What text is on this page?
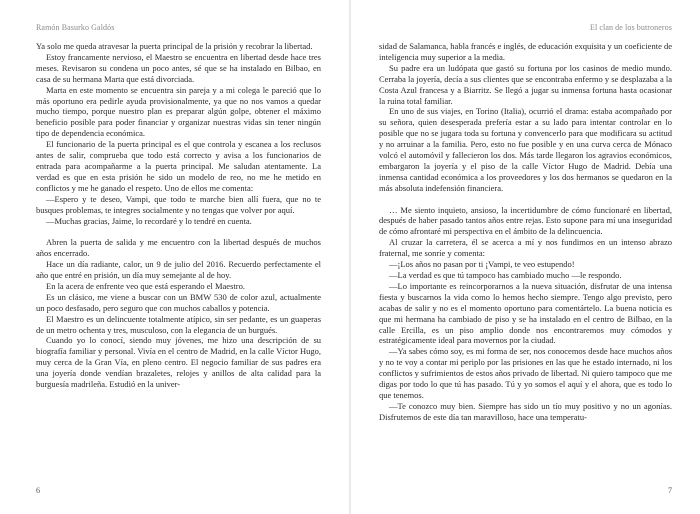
Ramón Basurko Galdós

Ya solo me queda atravesar la puerta principal de la prisión y recobrar la libertad.

Estoy francamente nervioso, el Maestro se encuentra en libertad desde hace tres meses. Revisaron su condena un poco antes, sé que se ha instalado en Bilbao, en casa de su hermana Marta que está divorciada.

Marta en este momento se encuentra sin pareja y a mi colega le pareció que lo más oportuno era pedirle ayuda provisionalmente, ya que no nos vamos a quedar mucho tiempo, porque nuestro plan es preparar algún golpe, obtener el máximo beneficio posible para poder financiar y organizar nuestras vidas sin tener ningún tipo de dependencia económica.

El funcionario de la puerta principal es el que controla y escanea a los reclusos antes de salir, comprueba que todo está correcto y avisa a los funcionarios de entrada para acompañarme a la puerta principal. Me saludan atentamente. La verdad es que en esta prisión he sido un modelo de reo, no me he metido en conflictos y me he ganado el respeto. Uno de ellos me comenta:

—Espero y te deseo, Vampi, que todo te marche bien allí fuera, que no te busques problemas, te integres socialmente y no tengas que volver por aquí.

—Muchas gracias, Jaime, lo recordaré y lo tendré en cuenta.

Abren la puerta de salida y me encuentro con la libertad después de muchos años encerrado.

Hace un día radiante, calor, un 9 de julio del 2016. Recuerdo perfectamente el año que entré en prisión, un día muy semejante al de hoy.

En la acera de enfrente veo que está esperando el Maestro.

Es un clásico, me viene a buscar con un BMW 530 de color azul, actualmente un poco desfasado, pero seguro que con muchos caballos y potencia.

El Maestro es un delincuente totalmente atípico, sin ser pedante, es un guaperas de un metro ochenta y tres, musculoso, con la elegancia de un burgués.

Cuando yo lo conocí, siendo muy jóvenes, me hizo una descripción de su biografía familiar y personal. Vivía en el centro de Madrid, en la calle Víctor Hugo, muy cerca de la Gran Vía, en pleno centro. El negocio familiar de sus padres era una joyería donde vendían brazaletes, relojes y anillos de alta calidad para la burguesía madrileña. Estudió en la univer-

6
El clan de los butroneros

sidad de Salamanca, habla francés e inglés, de educación exquisita y un coeficiente de inteligencia muy superior a la media.

Su padre era un ludópata que gastó su fortuna por los casinos de medio mundo. Cerraba la joyería, decía a sus clientes que se encontraba enfermo y se desplazaba a la Costa Azul francesa y a Biarritz. Se llegó a jugar su inmensa fortuna hasta ocasionar la ruina total familiar.

En uno de sus viajes, en Torino (Italia), ocurrió el drama: estaba acompañado por su señora, quien desesperada prefería estar a su lado para intentar controlar en lo posible que no se jugara toda su fortuna y convencerlo para que modificara su actitud y no arruinar a la familia. Pero, esto no fue posible y en una curva cerca de Mónaco volcó el automóvil y fallecieron los dos. Más tarde llegaron los agravios económicos, embargaron la joyería y el piso de la calle Víctor Hugo de Madrid. Debía una inmensa cantidad económica a los proveedores y los dos hermanos se quedaron en la más absoluta indefensión financiera.

… Me siento inquieto, ansioso, la incertidumbre de cómo funcionaré en libertad, después de haber pasado tantos años entre rejas. Esto supone para mí una inseguridad de cómo afrontaré mi perspectiva en el ámbito de la delincuencia.

Al cruzar la carretera, él se acerca a mí y nos fundimos en un intenso abrazo fraternal, me sonríe y comenta:

—¡Los años no pasan por ti ¡Vampi, te veo estupendo!

—La verdad es que tú tampoco has cambiado mucho —le respondo.

—Lo importante es reincorporarnos a la nueva situación, disfrutar de una intensa fiesta y buscarnos la vida como lo hemos hecho siempre. Tengo algo previsto, pero acabas de salir y no es el momento oportuno para comentártelo. La buena noticia es que mi hermana ha cambiado de piso y se ha instalado en el centro de Bilbao, en la calle Ercilla, es un piso amplio donde nos encontraremos muy cómodos y estratégicamente ideal para movernos por la ciudad.

—Ya sabes cómo soy, es mi forma de ser, nos conocemos desde hace muchos años y no te voy a contar mi periplo por las prisiones en las que he estado internado, ni los conflictos y sufrimientos de estos años privado de libertad. Ni quiero tampoco que me digas por todo lo que tú has pasado. Tú y yo somos el aquí y el ahora, que es todo lo que tenemos.

—Te conozco muy bien. Siempre has sido un tío muy positivo y no un agonías. Disfrutemos de este día tan maravilloso, hace una temperatu-

7
